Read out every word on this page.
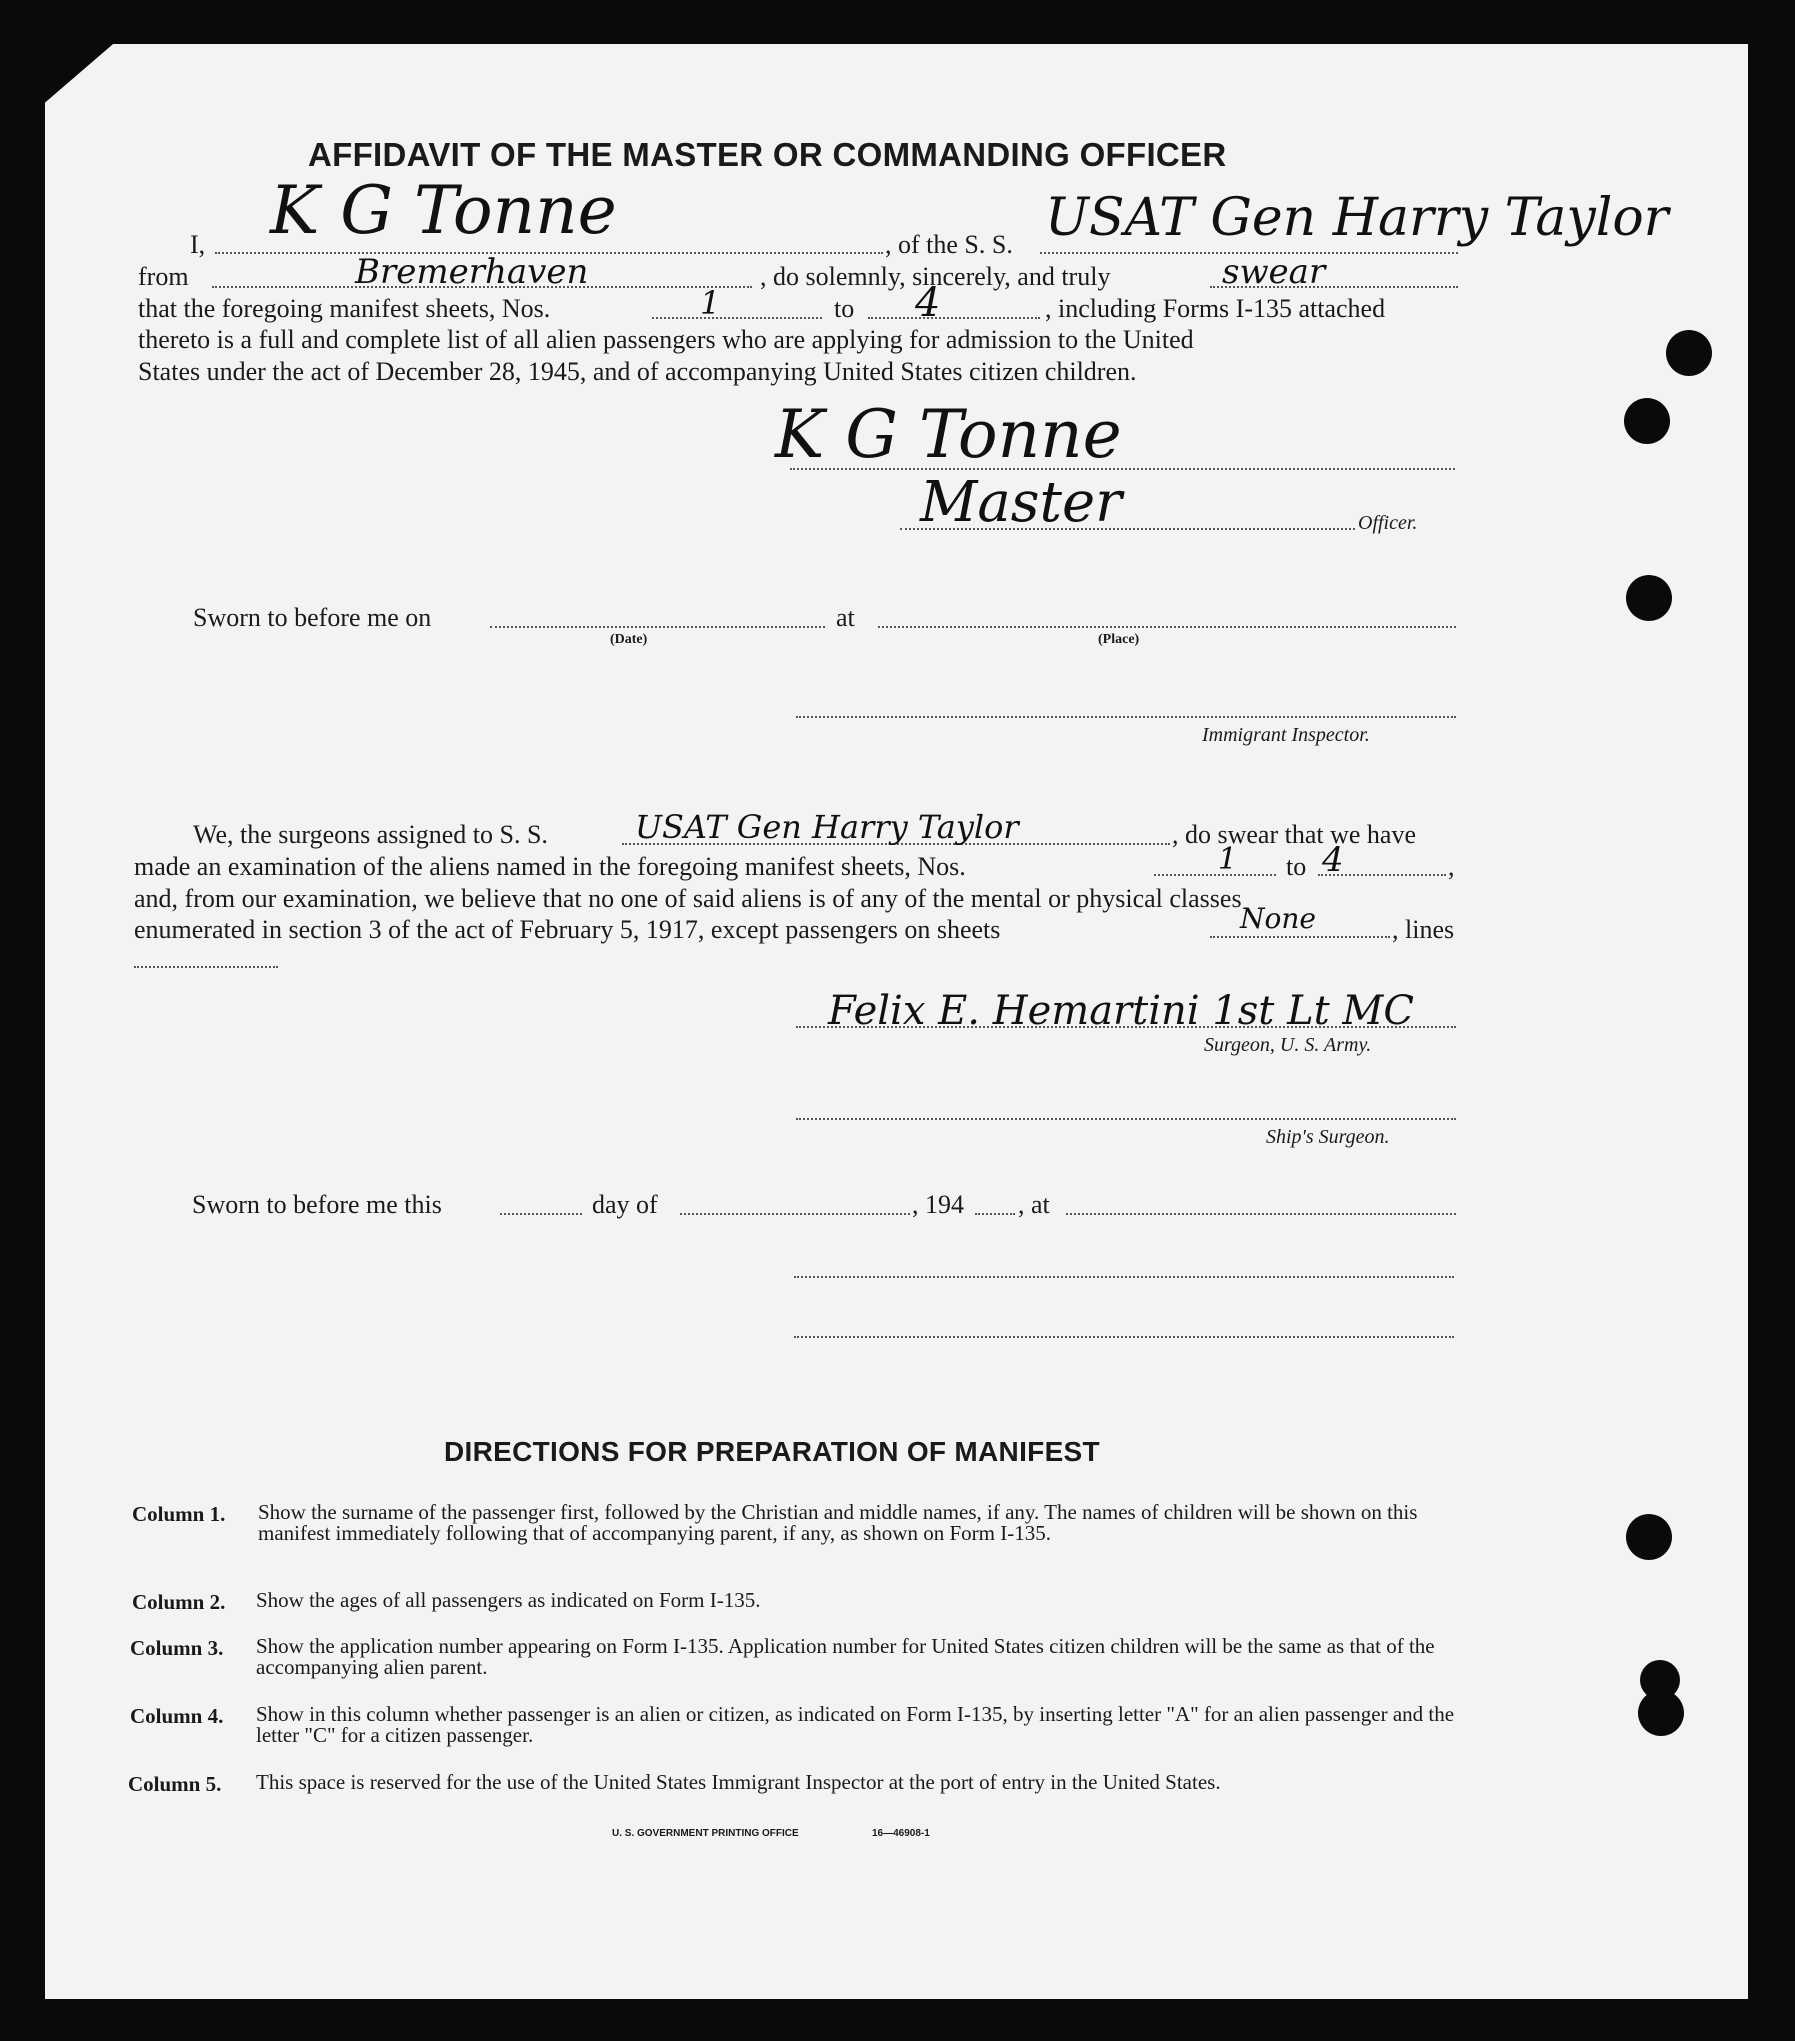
AFFIDAVIT OF THE MASTER OR COMMANDING OFFICER
I, K G Tonne	, of the S. S. USAT Gen Harry Taylor
from	Bremerhaven	, do solemnly, sincerely, and truly	swear
that the foregoing manifest sheets, Nos.	1	to 4	, including Forms I-135 attached
thereto is a full and complete list of all alien passengers who are applying for admission to the United
States under the act of December 28, 1945, and of accompanying United States citizen children.
K G Tonne
Master	Officer.
Sworn to before me on
(Date)
at
(Place)
Immigrant Inspector.
We, the surgeons assigned to S. S.	USAT Gen Harry Taylor	, do swear that we have
made an examination of the aliens named in the foregoing manifest sheets, Nos.	1 to 4	,
and, from our examination, we believe that no one of said aliens is of any of the mental or physical classes
enumerated in section 3 of the act of February 5, 1917, except passengers on sheets	None	, lines
Felix E. Hemartini 1st Lt MC
Surgeon, U. S. Army.
Ship's Surgeon.
Sworn to before me this	day of	, 194 , at
DIRECTIONS FOR PREPARATION OF MANIFEST
Column 1. Show the surname of the passenger first, followed by the Christian and middle names, if any. The names of children will be shown on this manifest immediately following that of accompanying parent, if any, as shown on Form I-135.
Column 2. Show the ages of all passengers as indicated on Form I-135.
Column 3. Show the application number appearing on Form I-135. Application number for United States citizen children will be the same as that of the accompanying alien parent.
Column 4. Show in this column whether passenger is an alien or citizen, as indicated on Form I-135, by inserting letter "A" for an alien passenger and the letter "C" for a citizen passenger.
Column 5. This space is reserved for the use of the United States Immigrant Inspector at the port of entry in the United States.
U. S. GOVERNMENT PRINTING OFFICE	16—46908-1
